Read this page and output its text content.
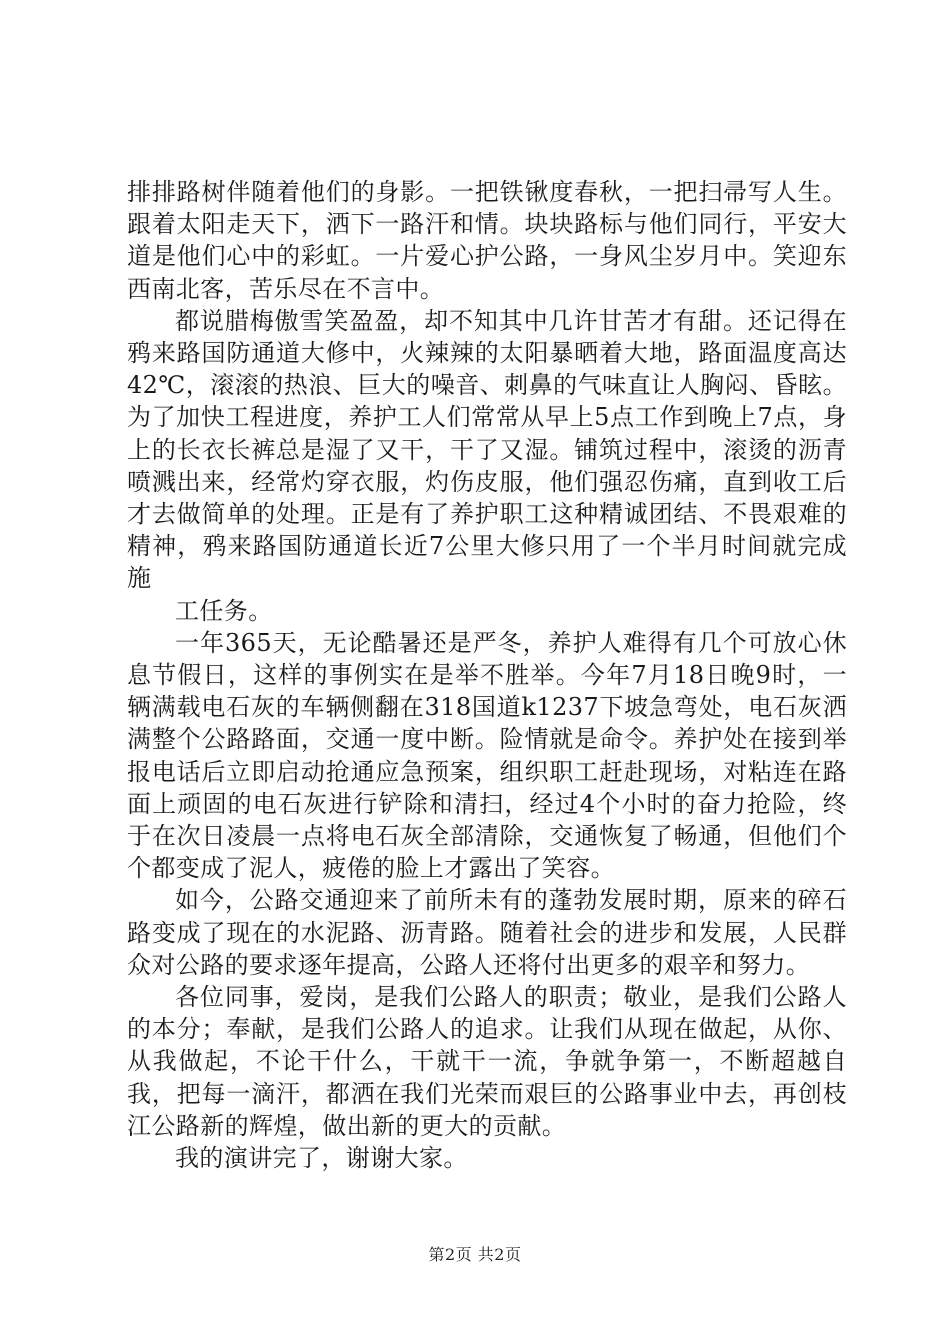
排排路树伴随着他们的身影。一把铁锹度春秋，一把扫帚写人生。跟着太阳走天下，洒下一路汗和情。块块路标与他们同行，平安大道是他们心中的彩虹。一片爱心护公路，一身风尘岁月中。笑迎东西南北客，苦乐尽在不言中。

都说腊梅傲雪笑盈盈，却不知其中几许甘苦才有甜。还记得在鸦来路国防通道大修中，火辣辣的太阳暴晒着大地，路面温度高达42℃，滚滚的热浪、巨大的噪音、刺鼻的气味直让人胸闷、昏眩。为了加快工程进度，养护工人们常常从早上5点工作到晚上7点，身上的长衣长裤总是湿了又干，干了又湿。铺筑过程中，滚烫的沥青喷溅出来，经常灼穿衣服，灼伤皮服，他们强忍伤痛，直到收工后才去做简单的处理。正是有了养护职工这种精诚团结、不畏艰难的精神，鸦来路国防通道长近7公里大修只用了一个半月时间就完成施

工任务。

一年365天，无论酷暑还是严冬，养护人难得有几个可放心休息节假日，这样的事例实在是举不胜举。今年7月18日晚9时，一辆满载电石灰的车辆侧翻在318国道k1237下坡急弯处，电石灰洒满整个公路路面，交通一度中断。险情就是命令。养护处在接到举报电话后立即启动抢通应急预案，组织职工赶赴现场，对粘连在路面上顽固的电石灰进行铲除和清扫，经过4个小时的奋力抢险，终于在次日凌晨一点将电石灰全部清除，交通恢复了畅通，但他们个个都变成了泥人，疲倦的脸上才露出了笑容。

如今，公路交通迎来了前所未有的蓬勃发展时期，原来的碎石路变成了现在的水泥路、沥青路。随着社会的进步和发展，人民群众对公路的要求逐年提高，公路人还将付出更多的艰辛和努力。

各位同事，爱岗，是我们公路人的职责；敬业，是我们公路人的本分；奉献，是我们公路人的追求。让我们从现在做起，从你、从我做起，不论干什么，干就干一流，争就争第一，不断超越自我，把每一滴汗，都洒在我们光荣而艰巨的公路事业中去，再创枝江公路新的辉煌，做出新的更大的贡献。

我的演讲完了，谢谢大家。

第2页 共2页
